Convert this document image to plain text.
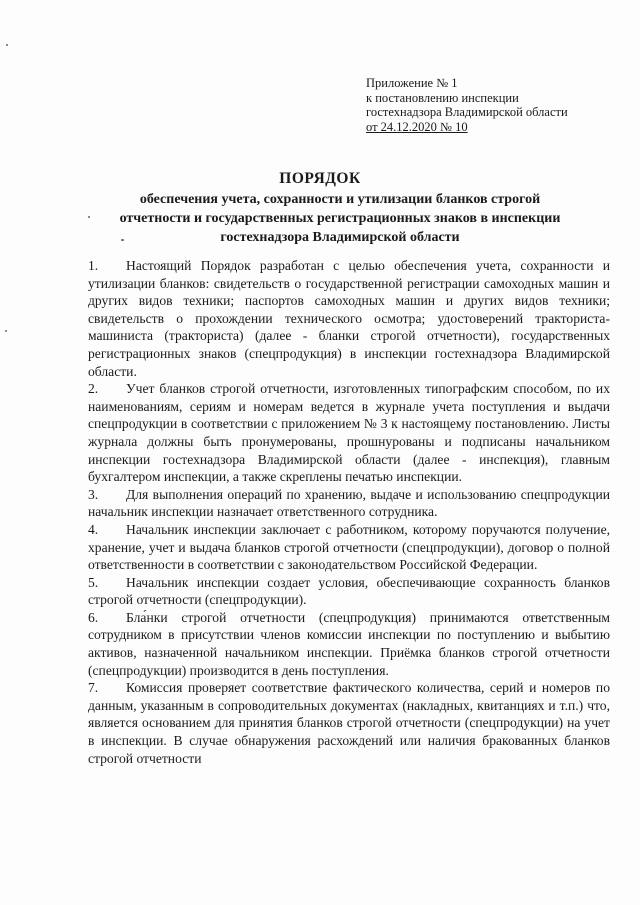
Приложение № 1
к постановлению инспекции
гостехнадзора Владимирской области
от 24.12.2020 № 10
ПОРЯДОК
обеспечения учета, сохранности и утилизации бланков строгой
отчетности и государственных регистрационных знаков в инспекции
гостехнадзора Владимирской области

1. Настоящий Порядок разработан с целью обеспечения учета, сохранности и утилизации бланков: свидетельств о государственной регистрации самоходных машин и других видов техники; паспортов самоходных машин и других видов техники; свидетельств о прохождении технического осмотра; удостоверений тракториста-машиниста (тракториста) (далее - бланки строгой отчетности), государственных регистрационных знаков (спецпродукция) в инспекции гостехнадзора Владимирской области.

2. Учет бланков строгой отчетности, изготовленных типографским способом, по их наименованиям, сериям и номерам ведется в журнале учета поступления и выдачи спецпродукции в соответствии с приложением № 3 к настоящему постановлению. Листы журнала должны быть пронумерованы, прошнурованы и подписаны начальником инспекции гостехнадзора Владимирской области (далее - инспекция), главным бухгалтером инспекции, а также скреплены печатью инспекции.

3. Для выполнения операций по хранению, выдаче и использованию спецпродукции начальник инспекции назначает ответственного сотрудника.

4. Начальник инспекции заключает с работником, которому поручаются получение, хранение, учет и выдача бланков строгой отчетности (спецпродукции), договор о полной ответственности в соответствии с законодательством Российской Федерации.

5. Начальник инспекции создает условия, обеспечивающие сохранность бланков строгой отчетности (спецпродукции).

6. Бла́нки строгой отчетности (спецпродукция) принимаются ответственным сотрудником в присутствии членов комиссии инспекции по поступлению и выбытию активов, назначенной начальником инспекции. Приёмка бланков строгой отчетности (спецпродукции) производится в день поступления.

7. Комиссия проверяет соответствие фактического количества, серий и номеров по данным, указанным в сопроводительных документах (накладных, квитанциях и т.п.) что, является основанием для принятия бланков строгой отчетности (спецпродукции) на учет в инспекции. В случае обнаружения расхождений или наличия бракованных бланков строгой отчетности
